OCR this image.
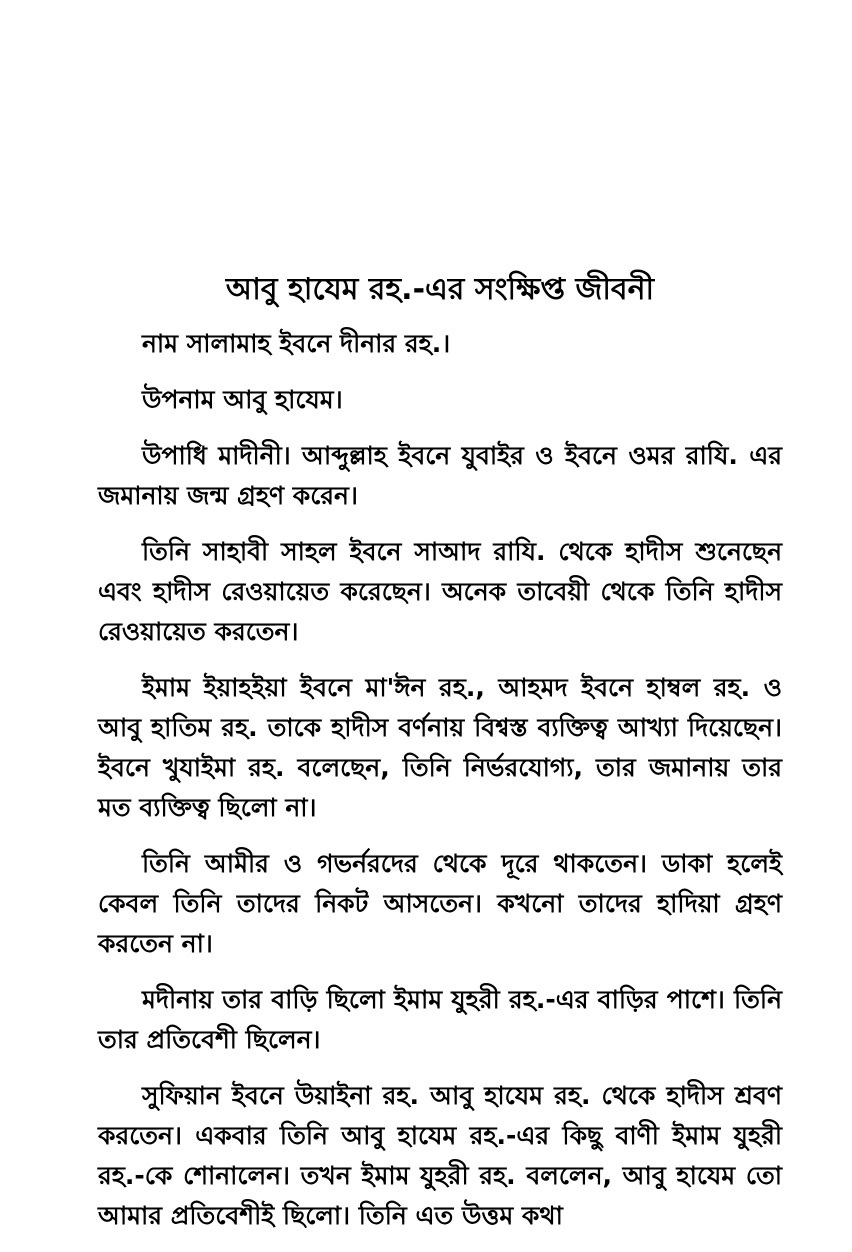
আবু হাযেম রহ.-এর সংক্ষিপ্ত জীবনী

নাম সালামাহ ইবনে দীনার রহ.।

উপনাম আবু হাযেম।

উপাধি মাদীনী। আব্দুল্লাহ ইবনে যুবাইর ও ইবনে ওমর রাযি. এর জমানায় জন্ম গ্রহণ করেন।

তিনি সাহাবী সাহল ইবনে সাআদ রাযি. থেকে হাদীস শুনেছেন এবং হাদীস রেওয়ায়েত করেছেন। অনেক তাবেয়ী থেকে তিনি হাদীস রেওয়ায়েত করতেন।

ইমাম ইয়াহইয়া ইবনে মা'ঈন রহ., আহমদ ইবনে হাম্বল রহ. ও আবু হাতিম রহ. তাকে হাদীস বর্ণনায় বিশ্বস্ত ব্যক্তিত্ব আখ্যা দিয়েছেন। ইবনে খুযাইমা রহ. বলেছেন, তিনি নির্ভরযোগ্য, তার জমানায় তার মত ব্যক্তিত্ব ছিলো না।

তিনি আমীর ও গভর্নরদের থেকে দূরে থাকতেন। ডাকা হলেই কেবল তিনি তাদের নিকট আসতেন। কখনো তাদের হাদিয়া গ্রহণ করতেন না।

মদীনায় তার বাড়ি ছিলো ইমাম যুহরী রহ.-এর বাড়ির পাশে। তিনি তার প্রতিবেশী ছিলেন।

সুফিয়ান ইবনে উয়াইনা রহ. আবু হাযেম রহ. থেকে হাদীস শ্রবণ করতেন। একবার তিনি আবু হাযেম রহ.-এর কিছু বাণী ইমাম যুহরী রহ.-কে শোনালেন। তখন ইমাম যুহরী রহ. বললেন, আবু হাযেম তো আমার প্রতিবেশীই ছিলো। তিনি এত উত্তম কথা
